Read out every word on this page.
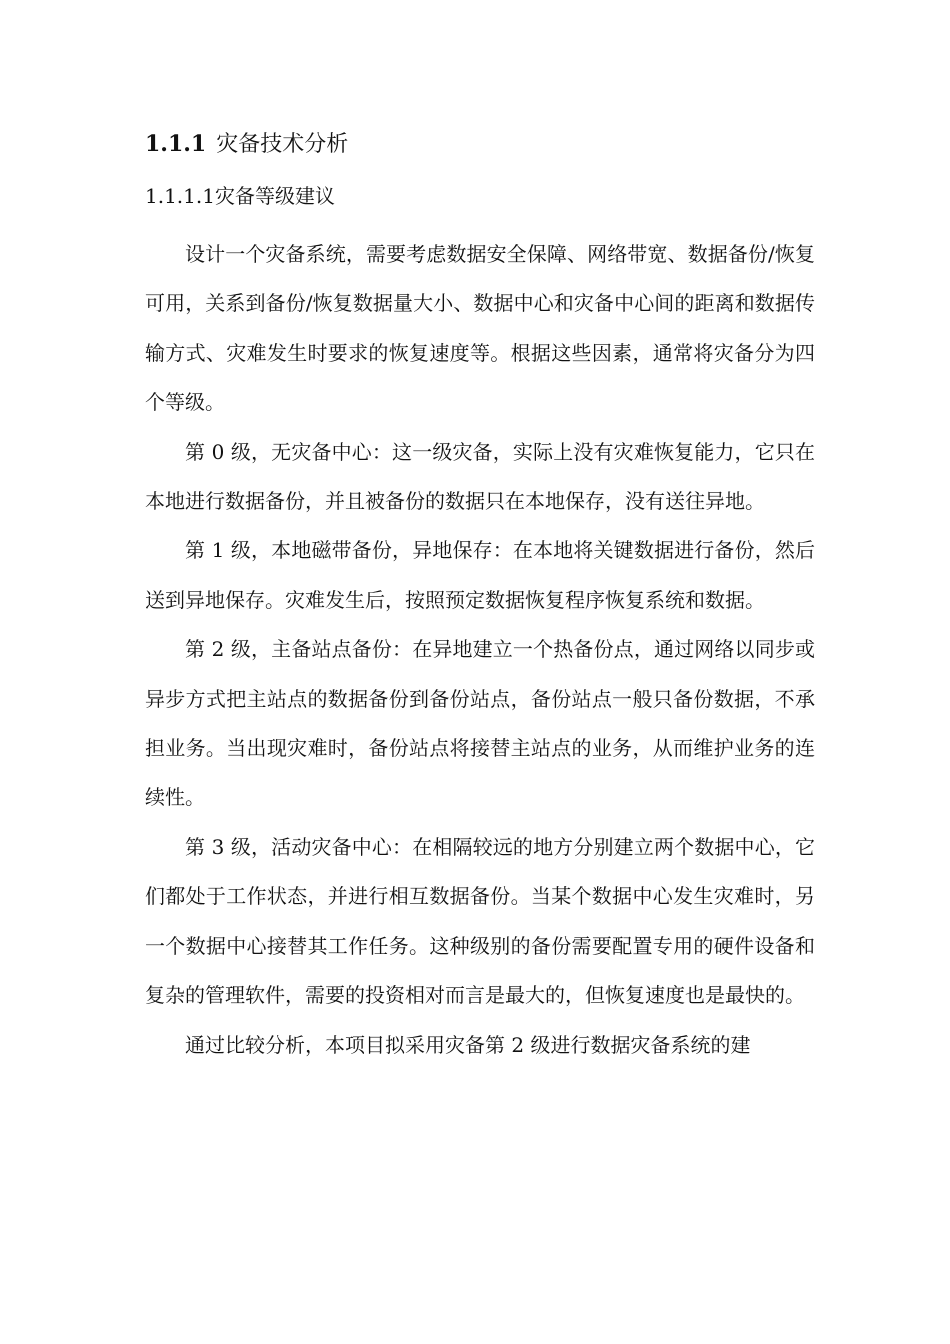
1.1.1 灾备技术分析
1.1.1.1灾备等级建议

设计一个灾备系统，需要考虑数据安全保障、网络带宽、数据备份/恢复可用，关系到备份/恢复数据量大小、数据中心和灾备中心间的距离和数据传输方式、灾难发生时要求的恢复速度等。根据这些因素，通常将灾备分为四个等级。

第 0 级，无灾备中心：这一级灾备，实际上没有灾难恢复能力，它只在本地进行数据备份，并且被备份的数据只在本地保存，没有送往异地。

第 1 级，本地磁带备份，异地保存：在本地将关键数据进行备份，然后送到异地保存。灾难发生后，按照预定数据恢复程序恢复系统和数据。

第 2 级，主备站点备份：在异地建立一个热备份点，通过网络以同步或异步方式把主站点的数据备份到备份站点，备份站点一般只备份数据，不承担业务。当出现灾难时，备份站点将接替主站点的业务，从而维护业务的连续性。

第 3 级，活动灾备中心：在相隔较远的地方分别建立两个数据中心，它们都处于工作状态，并进行相互数据备份。当某个数据中心发生灾难时，另一个数据中心接替其工作任务。这种级别的备份需要配置专用的硬件设备和复杂的管理软件，需要的投资相对而言是最大的，但恢复速度也是最快的。

通过比较分析，本项目拟采用灾备第 2 级进行数据灾备系统的建
